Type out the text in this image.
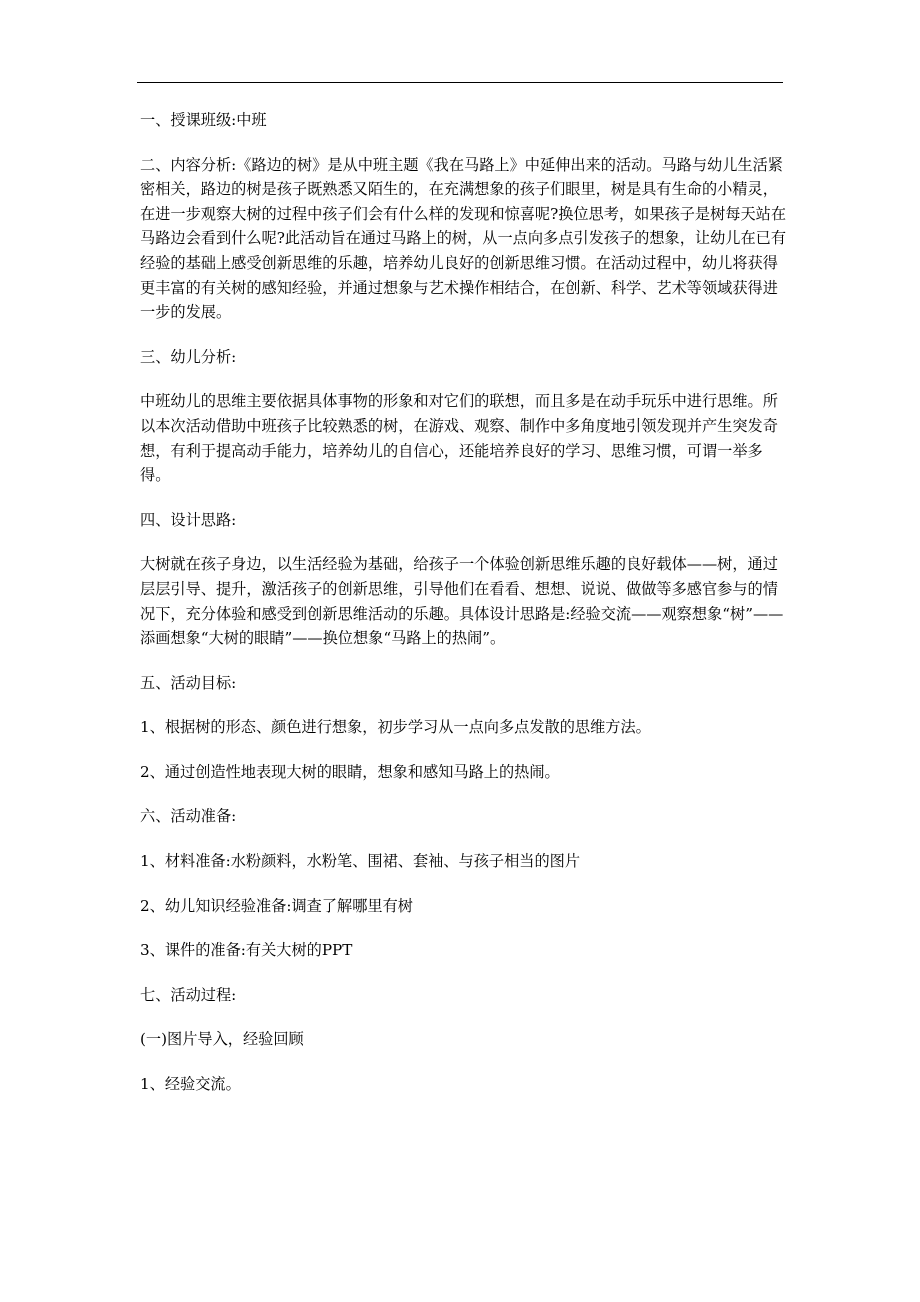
一、授课班级:中班

二、内容分析:《路边的树》是从中班主题《我在马路上》中延伸出来的活动。马路与幼儿生活紧密相关，路边的树是孩子既熟悉又陌生的，在充满想象的孩子们眼里，树是具有生命的小精灵，在进一步观察大树的过程中孩子们会有什么样的发现和惊喜呢?换位思考，如果孩子是树每天站在马路边会看到什么呢?此活动旨在通过马路上的树，从一点向多点引发孩子的想象，让幼儿在已有经验的基础上感受创新思维的乐趣，培养幼儿良好的创新思维习惯。在活动过程中，幼儿将获得更丰富的有关树的感知经验，并通过想象与艺术操作相结合，在创新、科学、艺术等领域获得进一步的发展。

三、幼儿分析:

中班幼儿的思维主要依据具体事物的形象和对它们的联想，而且多是在动手玩乐中进行思维。所以本次活动借助中班孩子比较熟悉的树，在游戏、观察、制作中多角度地引领发现并产生突发奇想，有利于提高动手能力，培养幼儿的自信心，还能培养良好的学习、思维习惯，可谓一举多得。

四、设计思路:

大树就在孩子身边，以生活经验为基础，给孩子一个体验创新思维乐趣的良好载体——树，通过层层引导、提升，激活孩子的创新思维，引导他们在看看、想想、说说、做做等多感官参与的情况下，充分体验和感受到创新思维活动的乐趣。具体设计思路是:经验交流——观察想象“树”——添画想象“大树的眼睛”——换位想象“马路上的热闹”。

五、活动目标:

1、根据树的形态、颜色进行想象，初步学习从一点向多点发散的思维方法。

2、通过创造性地表现大树的眼睛，想象和感知马路上的热闹。

六、活动准备:

1、材料准备:水粉颜料，水粉笔、围裙、套袖、与孩子相当的图片

2、幼儿知识经验准备:调查了解哪里有树

3、课件的准备:有关大树的PPT

七、活动过程:

(一)图片导入，经验回顾

1、经验交流。
